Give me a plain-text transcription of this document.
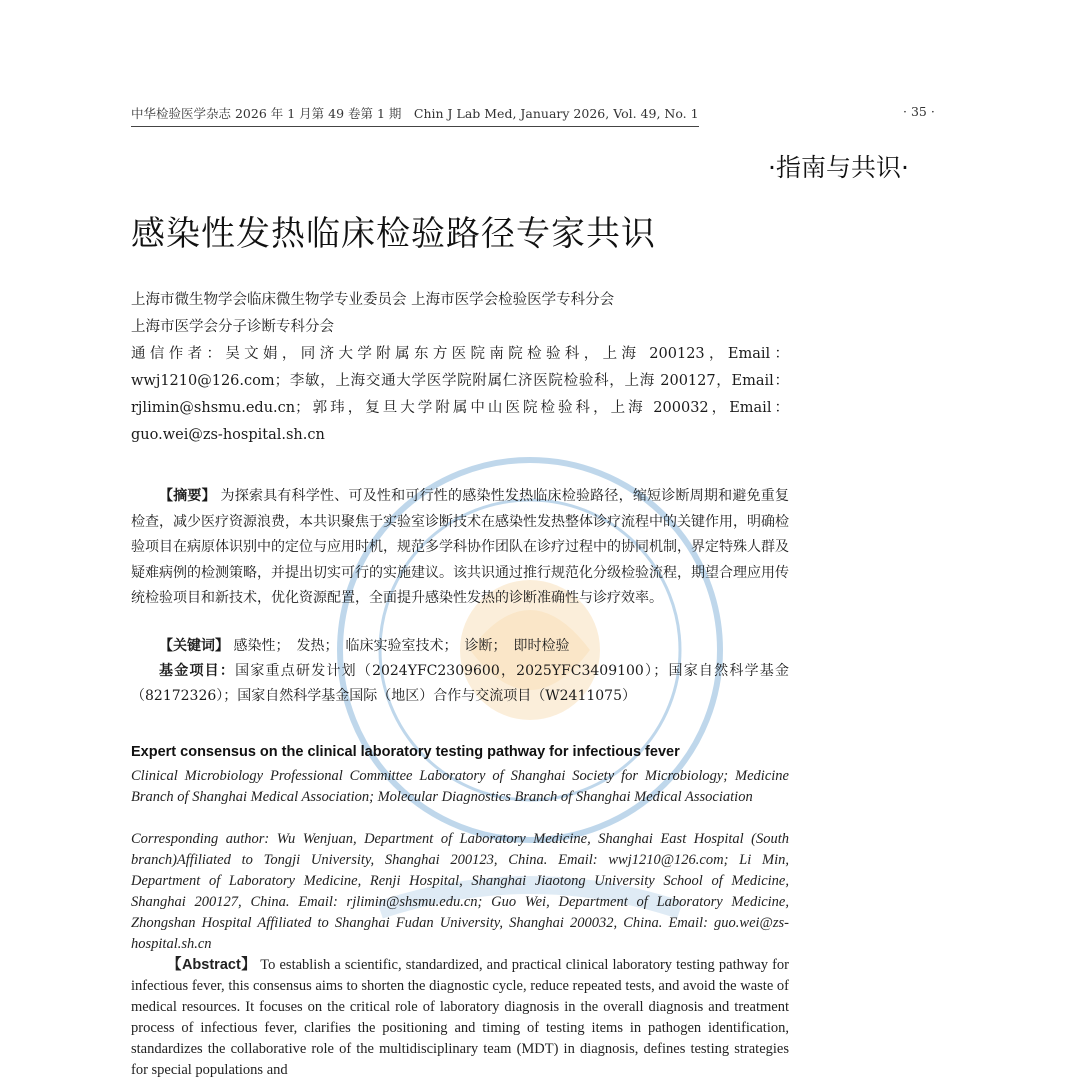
中华检验医学杂志 2026 年 1 月第 49 卷第 1 期　Chin J Lab Med, January 2026, Vol. 49, No. 1	· 35 ·
·指南与共识·
感染性发热临床检验路径专家共识
上海市微生物学会临床微生物学专业委员会 上海市医学会检验医学专科分会
上海市医学会分子诊断专科分会
通信作者：吴文娟，同济大学附属东方医院南院检验科，上海 200123，Email：wwj1210@126.com；李敏，上海交通大学医学院附属仁济医院检验科，上海 200127，Email：rjlimin@shsmu.edu.cn；郭玮，复旦大学附属中山医院检验科，上海 200032，Email：guo.wei@zs-hospital.sh.cn
【摘要】 为探索具有科学性、可及性和可行性的感染性发热临床检验路径，缩短诊断周期和避免重复检查，减少医疗资源浪费，本共识聚焦于实验室诊断技术在感染性发热整体诊疗流程中的关键作用，明确检验项目在病原体识别中的定位与应用时机，规范多学科协作团队在诊疗过程中的协同机制，界定特殊人群及疑难病例的检测策略，并提出切实可行的实施建议。该共识通过推行规范化分级检验流程，期望合理应用传统检验项目和新技术，优化资源配置，全面提升感染性发热的诊断准确性与诊疗效率。
【关键词】 感染性；　发热；　临床实验室技术；　诊断；　即时检验
基金项目：国家重点研发计划（2024YFC2309600，2025YFC3409100）；国家自然科学基金（82172326）；国家自然科学基金国际（地区）合作与交流项目（W2411075）
Expert consensus on the clinical laboratory testing pathway for infectious fever
Clinical Microbiology Professional Committee Laboratory of Shanghai Society for Microbiology; Medicine Branch of Shanghai Medical Association; Molecular Diagnostics Branch of Shanghai Medical Association
Corresponding author: Wu Wenjuan, Department of Laboratory Medicine, Shanghai East Hospital (South branch)Affiliated to Tongji University, Shanghai 200123, China. Email: wwj1210@126.com; Li Min, Department of Laboratory Medicine, Renji Hospital, Shanghai Jiaotong University School of Medicine, Shanghai 200127, China. Email: rjlimin@shsmu.edu.cn; Guo Wei, Department of Laboratory Medicine, Zhongshan Hospital Affiliated to Shanghai Fudan University, Shanghai 200032, China. Email: guo.wei@zs-hospital.sh.cn
【Abstract】 To establish a scientific, standardized, and practical clinical laboratory testing pathway for infectious fever, this consensus aims to shorten the diagnostic cycle, reduce repeated tests, and avoid the waste of medical resources. It focuses on the critical role of laboratory diagnosis in the overall diagnosis and treatment process of infectious fever, clarifies the positioning and timing of testing items in pathogen identification, standardizes the collaborative role of the multidisciplinary team (MDT) in diagnosis, defines testing strategies for special populations and
